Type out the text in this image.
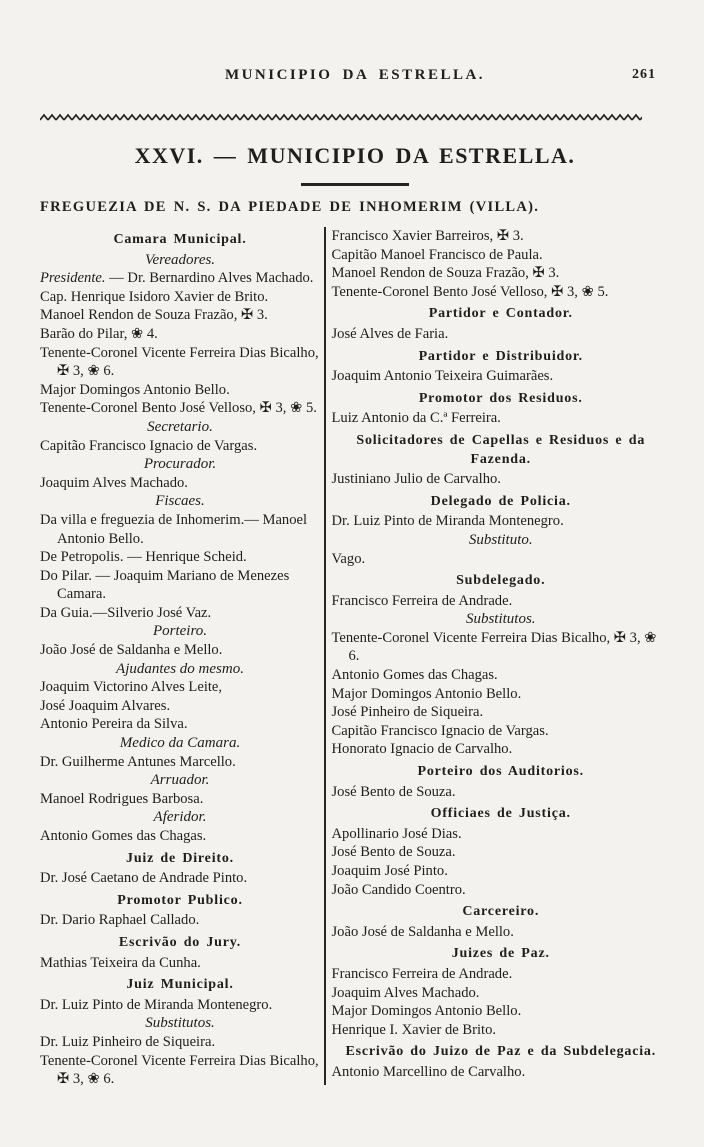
MUNICIPIO DA ESTRELLA.	261
XXVI. — MUNICIPIO DA ESTRELLA.
FREGUEZIA DE N. S. DA PIEDADE DE INHOMERIM (VILLA).
Camara Municipal.
Vereadores.
Presidente. — Dr. Bernardino Alves Machado.
Cap. Henrique Isidoro Xavier de Brito.
Manoel Rendon de Souza Frazão, ✠ 3.
Barão do Pilar, ❀ 4.
Tenente-Coronel Vicente Ferreira Dias Bicalho, ✠ 3, ❀ 6.
Major Domingos Antonio Bello.
Tenente-Coronel Bento José Velloso, ✠ 3, ❀ 5.
Secretario.
Capitão Francisco Ignacio de Vargas.
Procurador.
Joaquim Alves Machado.
Fiscaes.
Da villa e freguezia de Inhomerim.— Manoel Antonio Bello.
De Petropolis. — Henrique Scheid.
Do Pilar. — Joaquim Mariano de Menezes Camara.
Da Guia.—Silverio José Vaz.
Porteiro.
João José de Saldanha e Mello.
Ajudantes do mesmo.
Joaquim Victorino Alves Leite,
José Joaquim Alvares.
Antonio Pereira da Silva.
Medico da Camara.
Dr. Guilherme Antunes Marcello.
Arruador.
Manoel Rodrigues Barbosa.
Aferidor.
Antonio Gomes das Chagas.
Juiz de Direito.
Dr. José Caetano de Andrade Pinto.
Promotor Publico.
Dr. Dario Raphael Callado.
Escrivão do Jury.
Mathias Teixeira da Cunha.
Juiz Municipal.
Dr. Luiz Pinto de Miranda Montenegro.
Substitutos.
Dr. Luiz Pinheiro de Siqueira.
Tenente-Coronel Vicente Ferreira Dias Bicalho, ✠ 3, ❀ 6.
Francisco Xavier Barreiros, ✠ 3.
Capitão Manoel Francisco de Paula.
Manoel Rendon de Souza Frazão, ✠ 3.
Tenente-Coronel Bento José Velloso, ✠ 3, ❀ 5.
Partidor e Contador.
José Alves de Faria.
Partidor e Distribuidor.
Joaquim Antonio Teixeira Guimarães.
Promotor dos Residuos.
Luiz Antonio da C.ª Ferreira.
Solicitadores de Capellas e Residuos e da Fazenda.
Justiniano Julio de Carvalho.
Delegado de Policia.
Dr. Luiz Pinto de Miranda Montenegro.
Substituto.
Vago.
Subdelegado.
Francisco Ferreira de Andrade.
Substitutos.
Tenente-Coronel Vicente Ferreira Dias Bicalho, ✠ 3, ❀ 6.
Antonio Gomes das Chagas.
Major Domingos Antonio Bello.
José Pinheiro de Siqueira.
Capitão Francisco Ignacio de Vargas.
Honorato Ignacio de Carvalho.
Porteiro dos Auditorios.
José Bento de Souza.
Officiaes de Justiça.
Apollinario José Dias.
José Bento de Souza.
Joaquim José Pinto.
João Candido Coentro.
Carcereiro.
João José de Saldanha e Mello.
Juizes de Paz.
Francisco Ferreira de Andrade.
Joaquim Alves Machado.
Major Domingos Antonio Bello.
Henrique I. Xavier de Brito.
Escrivão do Juizo de Paz e da Subdelegacia.
Antonio Marcellino de Carvalho.
